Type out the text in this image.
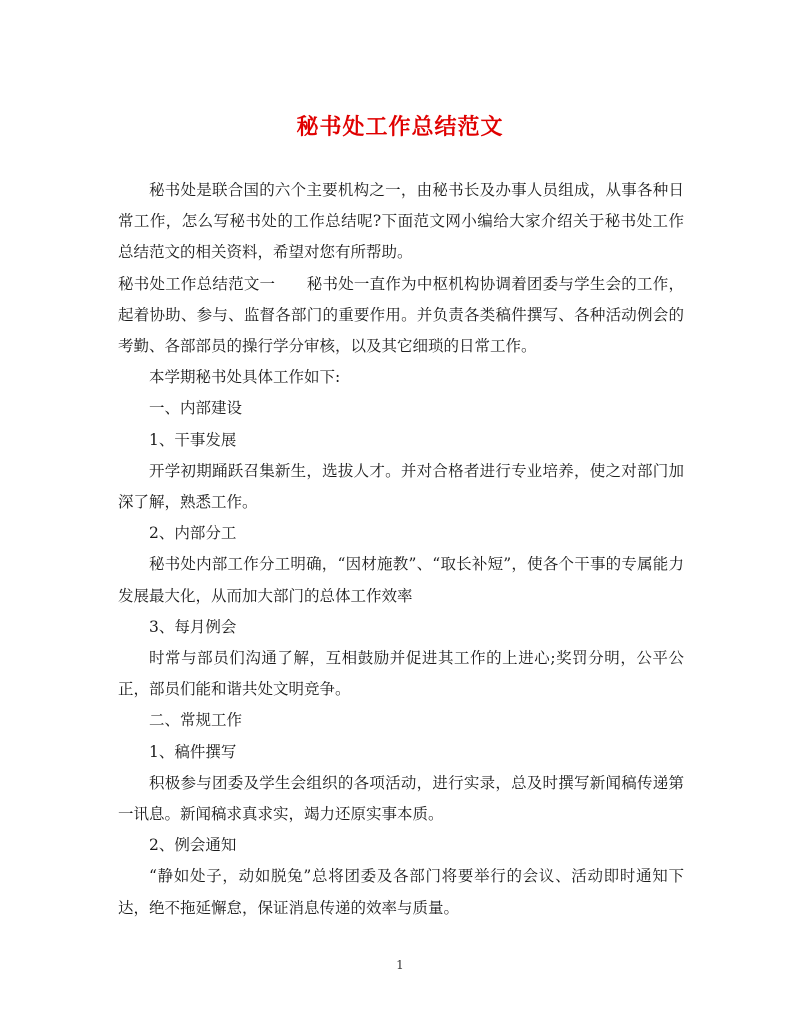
秘书处工作总结范文

秘书处是联合国的六个主要机构之一，由秘书长及办事人员组成，从事各种日常工作，怎么写秘书处的工作总结呢?下面范文网小编给大家介绍关于秘书处工作总结范文的相关资料，希望对您有所帮助。

秘书处工作总结范文一　　秘书处一直作为中枢机构协调着团委与学生会的工作，起着协助、参与、监督各部门的重要作用。并负责各类稿件撰写、各种活动例会的考勤、各部部员的操行学分审核，以及其它细琐的日常工作。

本学期秘书处具体工作如下:

一、内部建设

1、干事发展

开学初期踊跃召集新生，选拔人才。并对合格者进行专业培养，使之对部门加深了解，熟悉工作。

2、内部分工

秘书处内部工作分工明确，“因材施教”、“取长补短”，使各个干事的专属能力发展最大化，从而加大部门的总体工作效率

3、每月例会

时常与部员们沟通了解，互相鼓励并促进其工作的上进心;奖罚分明，公平公正，部员们能和谐共处文明竞争。

二、常规工作

1、稿件撰写

积极参与团委及学生会组织的各项活动，进行实录，总及时撰写新闻稿传递第一讯息。新闻稿求真求实，竭力还原实事本质。

2、例会通知

“静如处子，动如脱兔”总将团委及各部门将要举行的会议、活动即时通知下达，绝不拖延懈怠，保证消息传递的效率与质量。

1
